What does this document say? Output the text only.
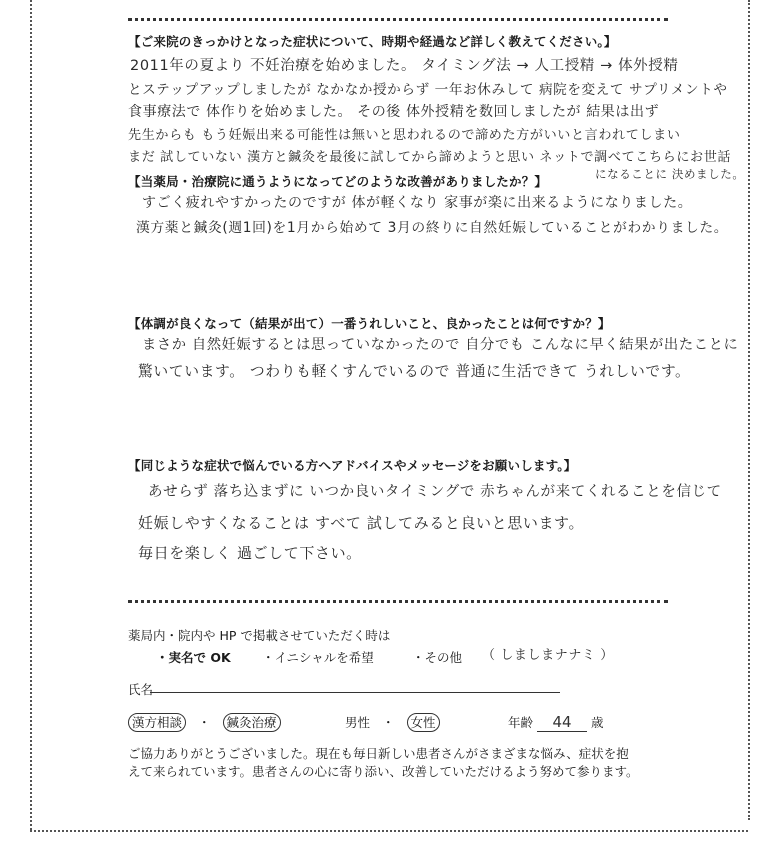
【ご来院のきっかけとなった症状について、時期や経過など詳しく教えてください。】
2011年の夏より 不妊治療を始めました。 タイミング法 → 人工授精 → 体外授精
とステップアップしましたが なかなか授からず 一年お休みして 病院を変えて サプリメントや
食事療法で 体作りを始めました。 その後 体外授精を数回しましたが 結果は出ず
先生からも もう妊娠出来る可能性は無いと思われるので諦めた方がいいと言われてしまい
まだ 試していない 漢方と鍼灸を最後に試してから諦めようと思い ネットで調べてこちらにお世話
になることに 決めました。
【当薬局・治療院に通うようになってどのような改善がありましたか？】
すごく疲れやすかったのですが 体が軽くなり 家事が楽に出来るようになりました。
漢方薬と鍼灸(週1回)を1月から始めて 3月の終りに自然妊娠していることがわかりました。
【体調が良くなって（結果が出て）一番うれしいこと、良かったことは何ですか？】
まさか 自然妊娠するとは思っていなかったので 自分でも こんなに早く結果が出たことに
驚いています。 つわりも軽くすんでいるので 普通に生活できて うれしいです。
【同じような症状で悩んでいる方へアドバイスやメッセージをお願いします。】
あせらず 落ち込まずに いつか良いタイミングで 赤ちゃんが来てくれることを信じて
妊娠しやすくなることは すべて 試してみると良いと思います。
毎日を楽しく 過ごして下さい。
薬局内・院内や HP で掲載させていただく時は
・実名で OK	・イニシャルを希望	・その他 （ しましまナナミ ）
氏名
漢方相談 ・ 鍼灸治療	男性 ・ 女性	年齢 44 歳
ご協力ありがとうございました。現在も毎日新しい患者さんがさまざまな悩み、症状を抱
えて来られています。患者さんの心に寄り添い、改善していただけるよう努めて参ります。
